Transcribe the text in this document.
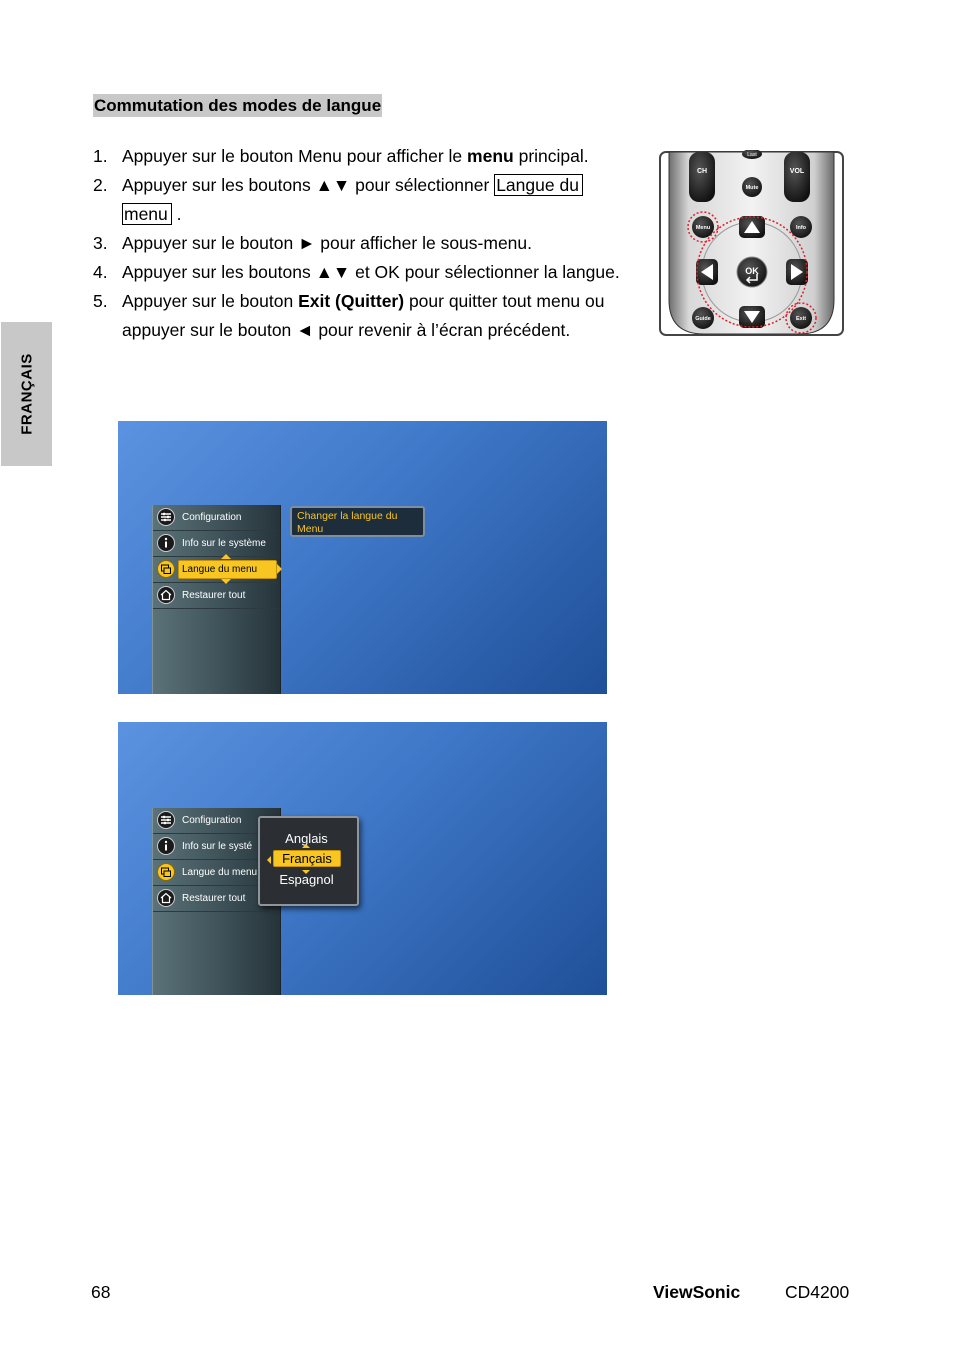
FRANÇAIS
Commutation des modes de langue
1. Appuyer sur le bouton Menu pour afficher le menu principal.
2. Appuyer sur les boutons ▲▼ pour sélectionner Langue du
menu .
3. Appuyer sur le bouton ► pour afficher le sous-menu.
4. Appuyer sur les boutons ▲▼ et OK pour sélectionner la langue.
5. Appuyer sur le bouton Exit (Quitter) pour quitter tout menu ou appuyer sur le bouton ◄ pour revenir à l’écran précédent.
CH	VOL
Last
Mute
Menu	Info
OK
Guide	Exit
Configuration
Info sur le système
Langue du menu
Restaurer tout
Changer la langue du Menu
Configuration
Info sur le systé
Langue du menu
Restaurer tout
Anglais
Français
Espagnol
68	ViewSonic	CD4200
